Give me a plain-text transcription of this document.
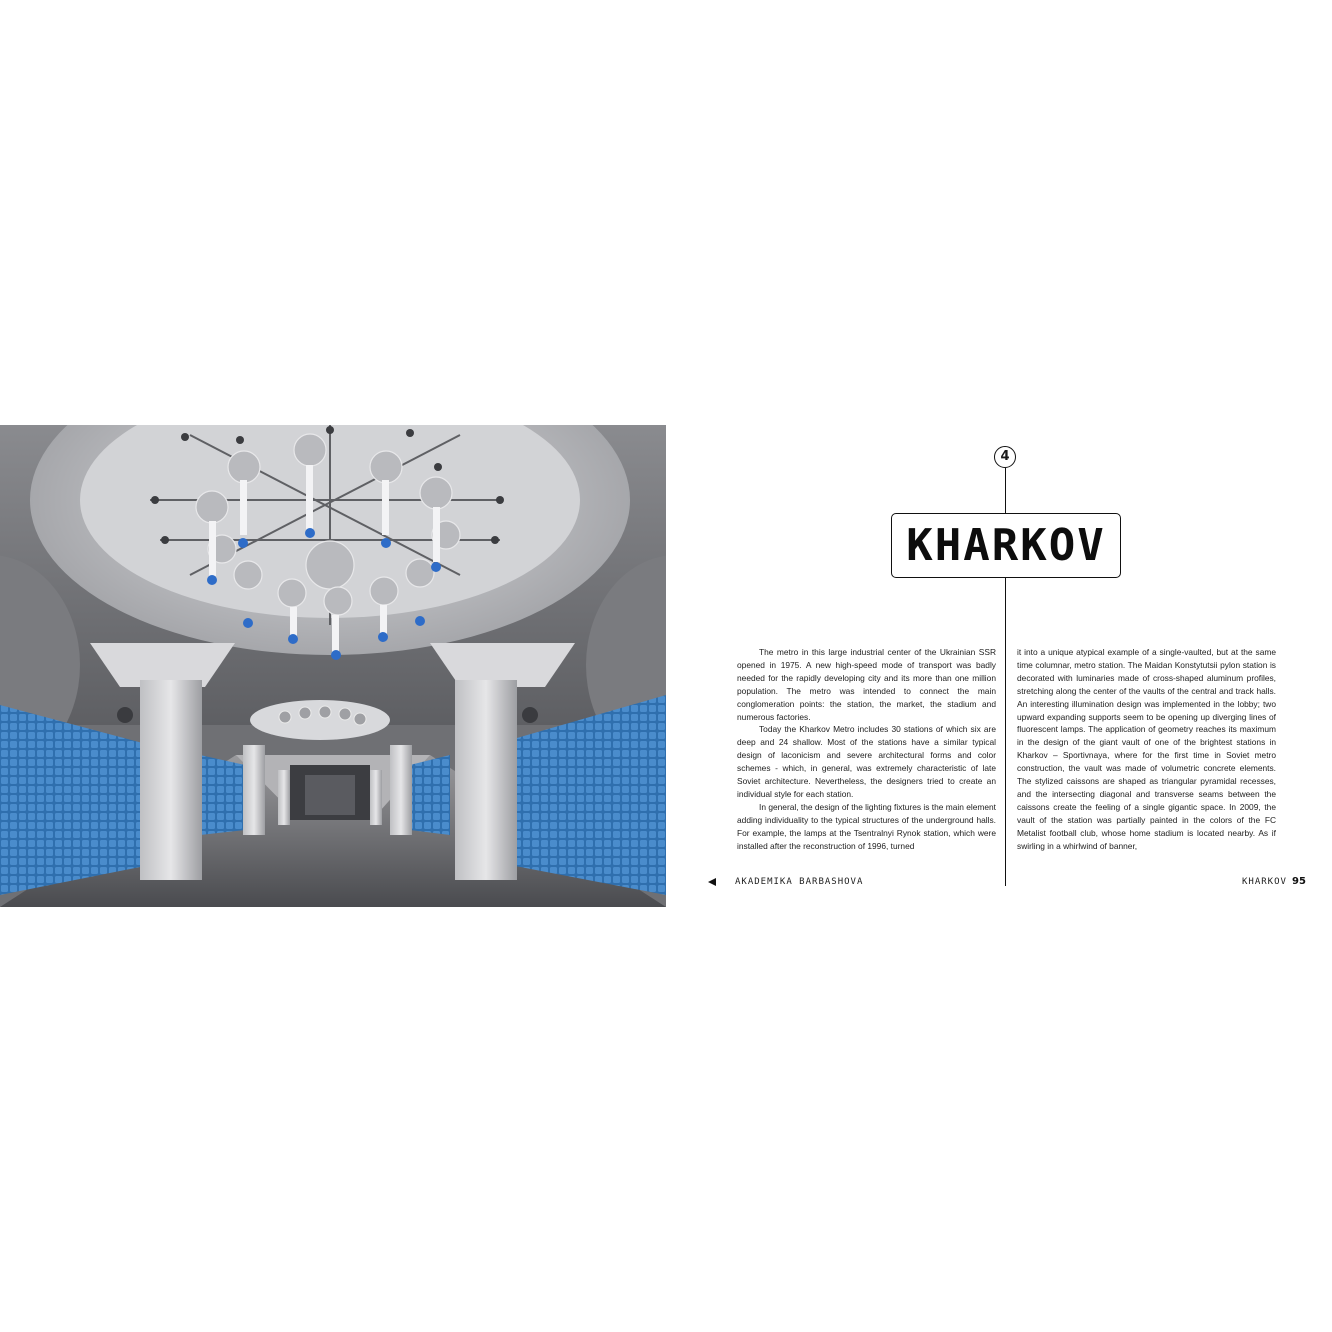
4
KHARKOV

The metro in this large industrial center of the Ukrainian SSR opened in 1975. A new high-speed mode of transport was badly needed for the rapidly developing city and its more than one million population. The metro was intended to connect the main conglomeration points: the station, the market, the stadium and numerous factories.

Today the Kharkov Metro includes 30 stations of which six are deep and 24 shallow. Most of the stations have a similar typical design of laconicism and severe architectural forms and color schemes - which, in general, was extremely characteristic of late Soviet architecture. Nevertheless, the designers tried to create an individual style for each station.

In general, the design of the lighting fixtures is the main element adding individuality to the typical structures of the underground halls. For example, the lamps at the Tsentralnyi Rynok station, which were installed after the reconstruction of 1996, turned

it into a unique atypical example of a single-vaulted, but at the same time columnar, metro station. The Maidan Konstytutsii pylon station is decorated with luminaries made of cross-shaped aluminum profiles, stretching along the center of the vaults of the central and track halls. An interesting illumination design was implemented in the lobby; two upward expanding supports seem to be opening up diverging lines of fluorescent lamps. The application of geometry reaches its maximum in the design of the giant vault of one of the brightest stations in Kharkov – Sportivnaya, where for the first time in Soviet metro construction, the vault was made of volumetric concrete elements. The stylized caissons are shaped as triangular pyramidal recesses, and the intersecting diagonal and transverse seams between the caissons create the feeling of a single gigantic space. In 2009, the vault of the station was partially painted in the colors of the FC Metalist football club, whose home stadium is located nearby. As if swirling in a whirlwind of banner,

AKADEMIKA BARBASHOVA	KHARKOV 95
